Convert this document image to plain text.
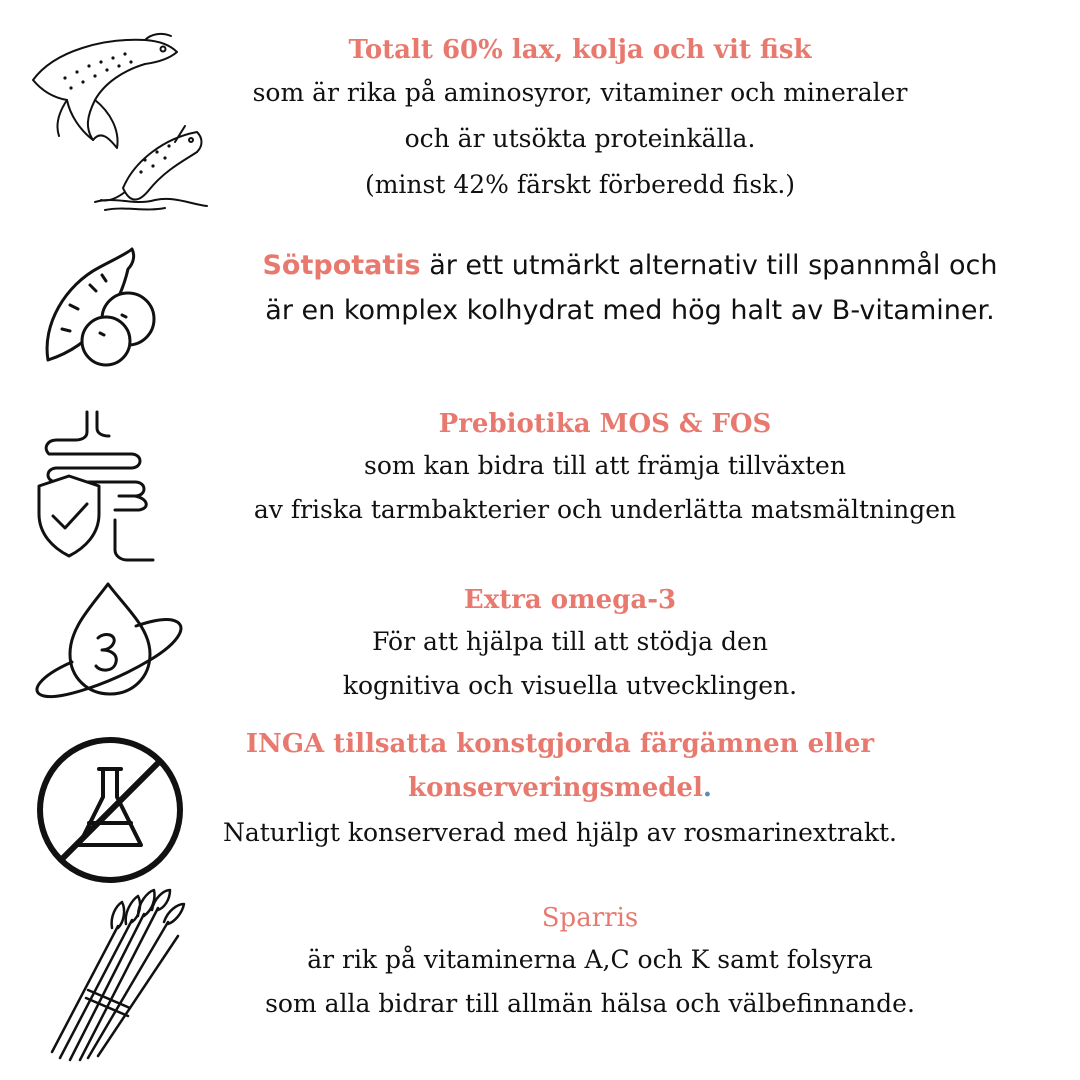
Totalt 60% lax, kolja och vit fisk
som är rika på aminosyror, vitaminer och mineraler
och är utsökta proteinkälla.
(minst 42% färskt förberedd fisk.)
Sötpotatis är ett utmärkt alternativ till spannmål och
är en komplex kolhydrat med hög halt av B-vitaminer.
Prebiotika MOS & FOS
som kan bidra till att främja tillväxten
av friska tarmbakterier och underlätta matsmältningen
Extra omega-3
För att hjälpa till att stödja den
kognitiva och visuella utvecklingen.
INGA tillsatta konstgjorda färgämnen eller
konserveringsmedel.
Naturligt konserverad med hjälp av rosmarinextrakt.
Sparris
är rik på vitaminerna A,C och K samt folsyra
som alla bidrar till allmän hälsa och välbefinnande.
